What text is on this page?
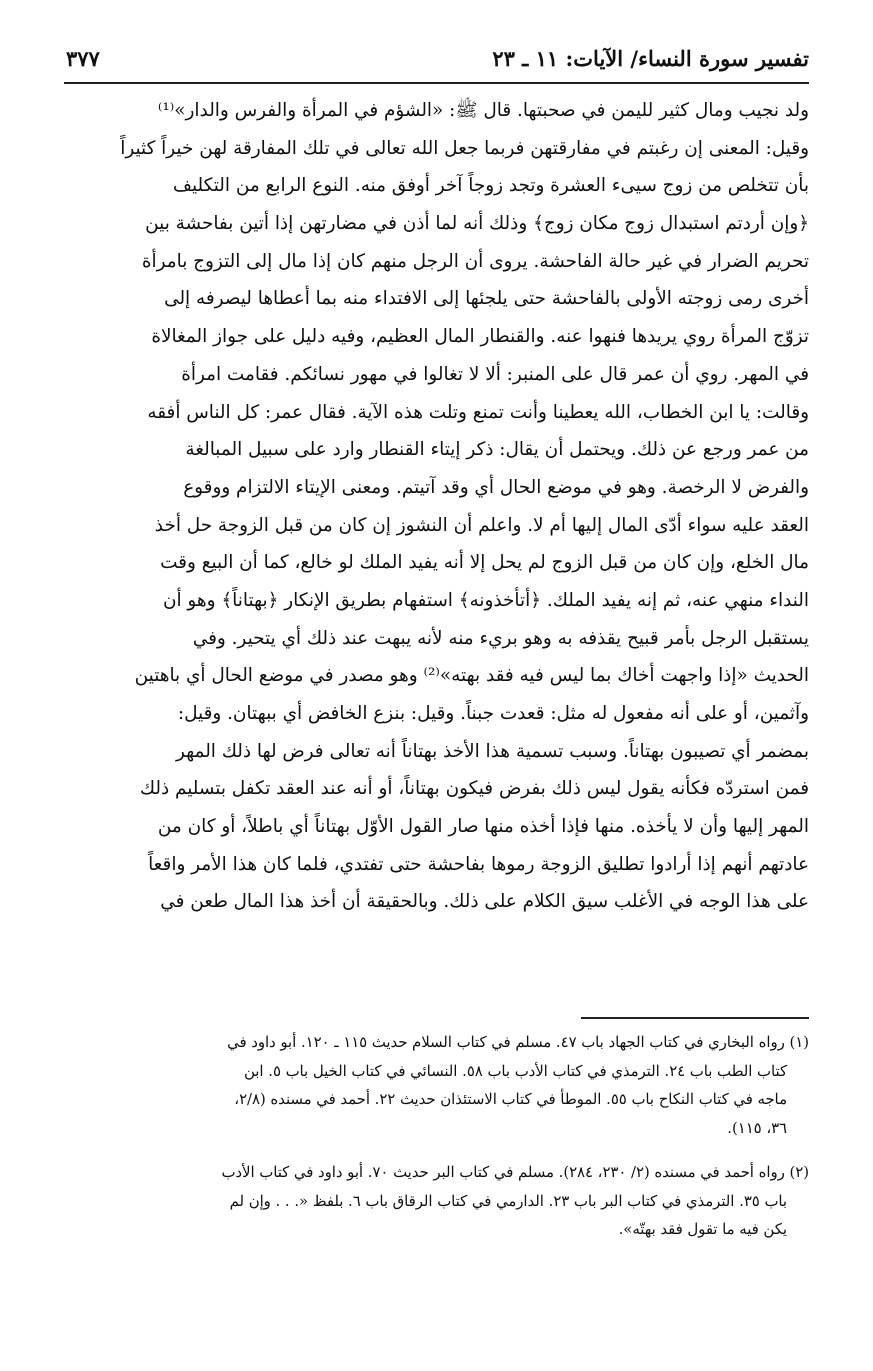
تفسير سورة النساء/ الآيات: ١١ ـ ٢٣
٣٧٧
ولد نجيب ومال كثير لليمن في صحبتها. قال ﷺ: «الشؤم في المرأة والفرس والدار»⁽¹⁾
وقيل: المعنى إن رغبتم في مفارقتهن فربما جعل الله تعالى في تلك المفارقة لهن خيراً كثيراً
بأن تتخلص من زوج سيىء العشرة وتجد زوجاً آخر أوفق منه. النوع الرابع من التكليف
﴿وإن أردتم استبدال زوج مكان زوج﴾ وذلك أنه لما أذن في مضارتهن إذا أتين بفاحشة بين
تحريم الضرار في غير حالة الفاحشة. يروى أن الرجل منهم كان إذا مال إلى التزوج بامرأة
أخرى رمى زوجته الأولى بالفاحشة حتى يلجئها إلى الافتداء منه بما أعطاها ليصرفه إلى
تزوّج المرأة روي يريدها فنهوا عنه. والقنطار المال العظيم، وفيه دليل على جواز المغالاة
في المهر. روي أن عمر قال على المنبر: ألا لا تغالوا في مهور نسائكم. فقامت امرأة
وقالت: يا ابن الخطاب، الله يعطينا وأنت تمنع وتلت هذه الآية. فقال عمر: كل الناس أفقه
من عمر ورجع عن ذلك. ويحتمل أن يقال: ذكر إيتاء القنطار وارد على سبيل المبالغة
والفرض لا الرخصة. وهو في موضع الحال أي وقد آتيتم. ومعنى الإيتاء الالتزام ووقوع
العقد عليه سواء أدّى المال إليها أم لا. واعلم أن النشوز إن كان من قبل الزوجة حل أخذ
مال الخلع، وإن كان من قبل الزوج لم يحل إلا أنه يفيد الملك لو خالع، كما أن البيع وقت
النداء منهي عنه، ثم إنه يفيد الملك. ﴿أتأخذونه﴾ استفهام بطريق الإنكار ﴿بهتاناً﴾ وهو أن
يستقبل الرجل بأمر قبيح يقذفه به وهو بريء منه لأنه يبهت عند ذلك أي يتحير. وفي
الحديث «إذا واجهت أخاك بما ليس فيه فقد بهته»⁽²⁾ وهو مصدر في موضع الحال أي باهتين
وآثمين، أو على أنه مفعول له مثل: قعدت جبناً. وقيل: بنزع الخافض أي ببهتان. وقيل:
بمضمر أي تصيبون بهتاناً. وسبب تسمية هذا الأخذ بهتاناً أنه تعالى فرض لها ذلك المهر
فمن استردّه فكأنه يقول ليس ذلك بفرض فيكون بهتاناً، أو أنه عند العقد تكفل بتسليم ذلك
المهر إليها وأن لا يأخذه. منها فإذا أخذه منها صار القول الأوّل بهتاناً أي باطلاً، أو كان من
عادتهم أنهم إذا أرادوا تطليق الزوجة رموها بفاحشة حتى تفتدي، فلما كان هذا الأمر واقعاً
على هذا الوجه في الأغلب سيق الكلام على ذلك. وبالحقيقة أن أخذ هذا المال طعن في
(١) رواه البخاري في كتاب الجهاد باب ٤٧. مسلم في كتاب السلام حديث ١١٥ ـ ١٢٠. أبو داود في
كتاب الطب باب ٢٤. الترمذي في كتاب الأدب باب ٥٨. النسائي في كتاب الخيل باب ٥. ابن
ماجه في كتاب النكاح باب ٥٥. الموطأ في كتاب الاستئذان حديث ٢٢. أحمد في مسنده (٢/٨،
٣٦، ١١٥).
(٢) رواه أحمد في مسنده (٢/ ٢٣٠، ٢٨٤). مسلم في كتاب البر حديث ٧٠. أبو داود في كتاب الأدب
باب ٣٥. الترمذي في كتاب البر باب ٢٣. الدارمي في كتاب الرقاق باب ٦. بلفظ «. . . وإن لم
يكن فيه ما تقول فقد بهتّه».
